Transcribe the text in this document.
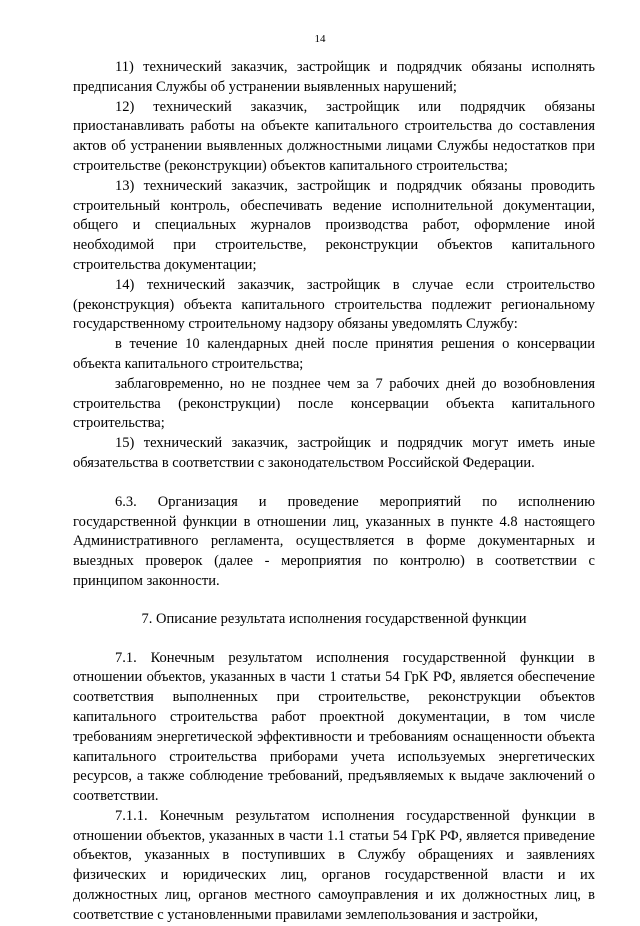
14

11) технический заказчик, застройщик и подрядчик обязаны исполнять предписания Службы об устранении выявленных нарушений;

12) технический заказчик, застройщик или подрядчик обязаны приостанавливать работы на объекте капитального строительства до составления актов об устранении выявленных должностными лицами Службы недостатков при строительстве (реконструкции) объектов капитального строительства;

13) технический заказчик, застройщик и подрядчик обязаны проводить строительный контроль, обеспечивать ведение исполнительной документации, общего и специальных журналов производства работ, оформление иной необходимой при строительстве, реконструкции объектов капитального строительства документации;

14) технический заказчик, застройщик в случае если строительство (реконструкция) объекта капитального строительства подлежит региональному государственному строительному надзору обязаны уведомлять Службу:

в течение 10 календарных дней после принятия решения о консервации объекта капитального строительства;

заблаговременно, но не позднее чем за 7 рабочих дней до возобновления строительства (реконструкции) после консервации объекта капитального строительства;

15) технический заказчик, застройщик и подрядчик могут иметь иные обязательства в соответствии с законодательством Российской Федерации.

6.3. Организация и проведение мероприятий по исполнению государственной функции в отношении лиц, указанных в пункте 4.8 настоящего Административного регламента, осуществляется в форме документарных и выездных проверок (далее - мероприятия по контролю) в соответствии с принципом законности.

7. Описание результата исполнения государственной функции

7.1. Конечным результатом исполнения государственной функции в отношении объектов, указанных в части 1 статьи 54 ГрК РФ, является обеспечение соответствия выполненных при строительстве, реконструкции объектов капитального строительства работ проектной документации, в том числе требованиям энергетической эффективности и требованиям оснащенности объекта капитального строительства приборами учета используемых энергетических ресурсов, а также соблюдение требований, предъявляемых к выдаче заключений о соответствии.

7.1.1. Конечным результатом исполнения государственной функции в отношении объектов, указанных в части 1.1 статьи 54 ГрК РФ, является приведение объектов, указанных в поступивших в Службу обращениях и заявлениях физических и юридических лиц, органов государственной власти и их должностных лиц, органов местного самоуправления и их должностных лиц, в соответствие с установленными правилами землепользования и застройки,
